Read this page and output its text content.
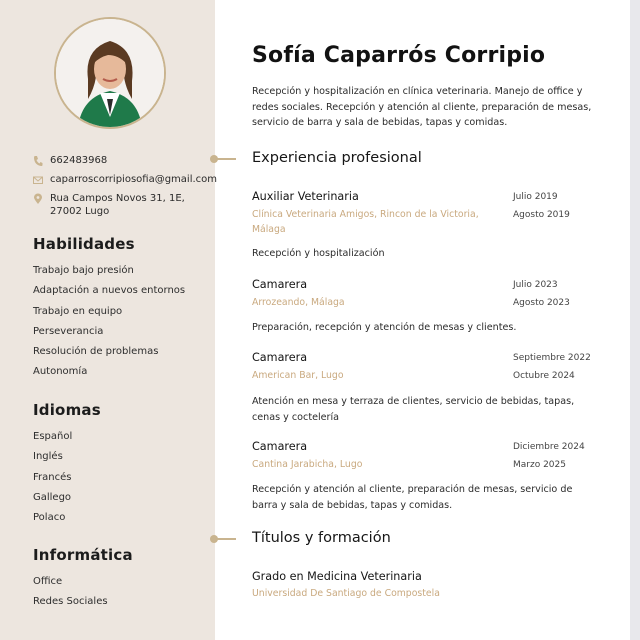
662483968
caparroscorripiosofia@gmail.com
Rua Campos Novos 31, 1E, 27002 Lugo
Habilidades
Trabajo bajo presión
Adaptación a nuevos entornos
Trabajo en equipo
Perseverancia
Resolución de problemas
Autonomía
Idiomas
Español
Inglés
Francés
Gallego
Polaco
Informática
Office
Redes Sociales
Sofía Caparrós Corripio
Recepción y hospitalización en clínica veterinaria. Manejo de office y redes sociales. Recepción y atención al cliente, preparación de mesas, servicio de barra y sala de bebidas, tapas y comidas.
Experiencia profesional
Auxiliar Veterinaria
Clínica Veterinaria Amigos, Rincon de la Victoria, Málaga
Julio 2019
Agosto 2019
Recepción y hospitalización
Camarera
Arrozeando, Málaga
Julio 2023
Agosto 2023
Preparación, recepción y atención de mesas y clientes.
Camarera
American Bar, Lugo
Septiembre 2022
Octubre 2024
Atención en mesa y terraza de clientes, servicio de bebidas, tapas, cenas y coctelería
Camarera
Cantina Jarabicha, Lugo
Diciembre 2024
Marzo 2025
Recepción y atención al cliente, preparación de mesas, servicio de barra y sala de bebidas, tapas y comidas.
Títulos y formación
Grado en Medicina Veterinaria
Universidad De Santiago de Compostela
